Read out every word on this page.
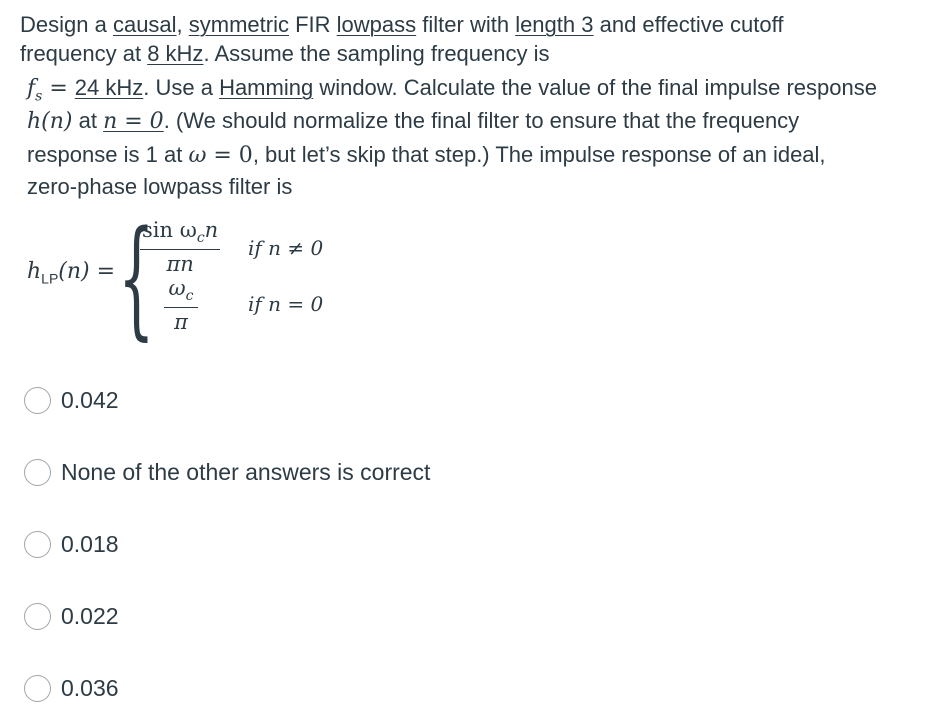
Design a causal, symmetric FIR lowpass filter with length 3 and effective cutoff
frequency at 8 kHz. Assume the sampling frequency is
$f_s = 24$ kHz. Use a Hamming window. Calculate the value of the final impulse response
h(n) at n = 0. (We should normalize the final filter to ensure that the frequency
response is 1 at ω = 0, but let’s skip that step.) The impulse response of an ideal,
zero-phase lowpass filter is
$h_{LP}(n)$ = {
$\sin \omega_cn$
πn
if n ≠ 0
$\omega_c$
π
if n = 0
0.042
None of the other answers is correct
0.018
0.022
0.036
